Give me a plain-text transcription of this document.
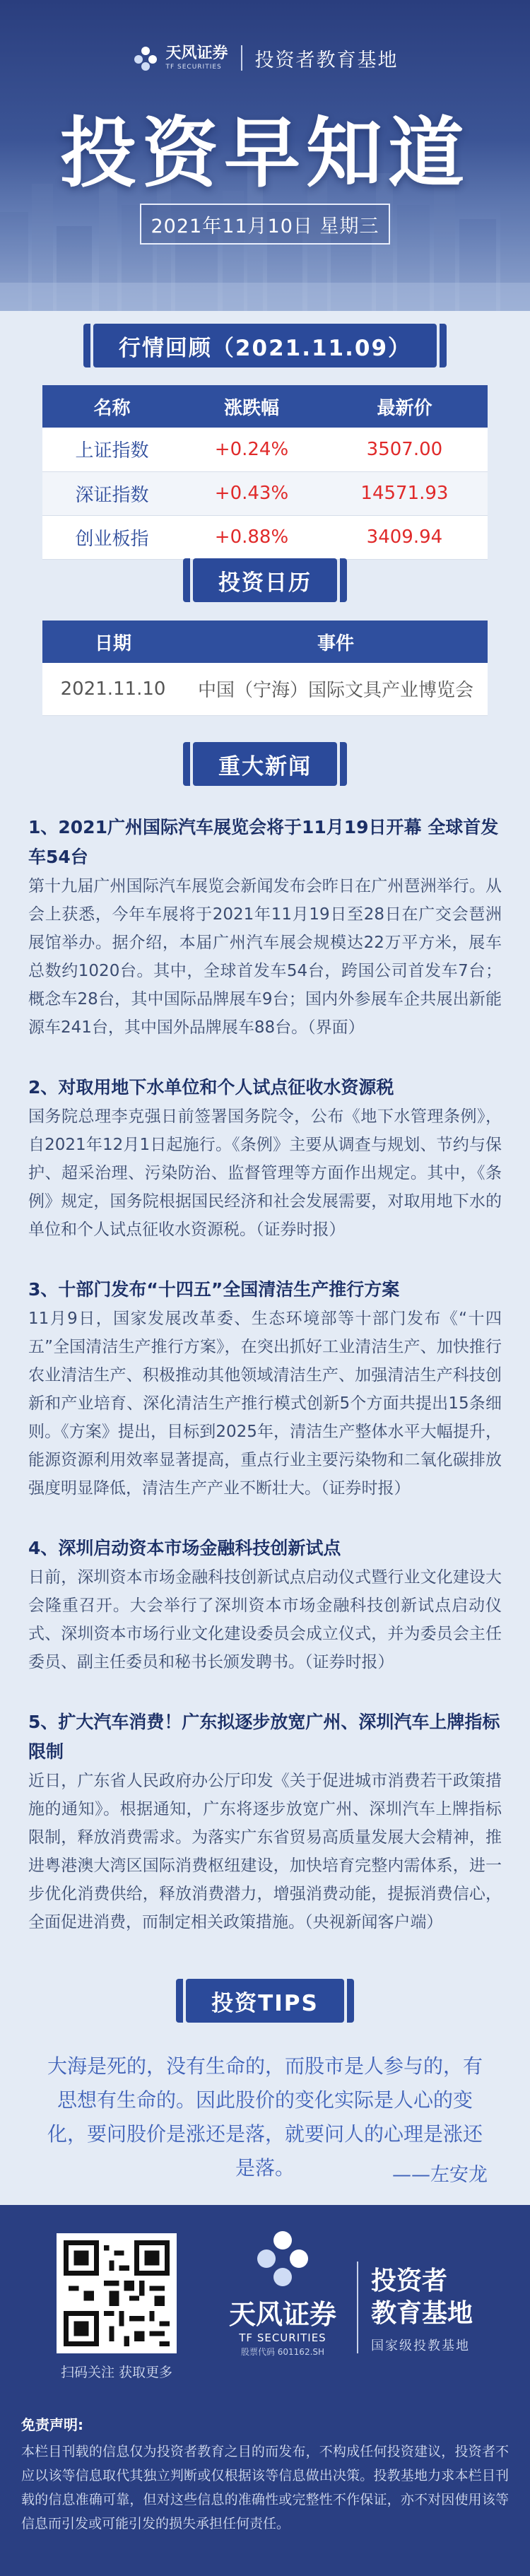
天风证券
TF SECURITIES	投资者教育基地
投资早知道
2021年11月10日 星期三
行情回顾（2021.11.09）
名称	涨跌幅	最新价
上证指数	+0.24%	3507.00
深证指数	+0.43%	14571.93
创业板指	+0.88%	3409.94
投资日历
日期	事件
2021.11.10	中国（宁海）国际文具产业博览会
重大新闻
1、2021广州国际汽车展览会将于11月19日开幕 全球首发车54台
第十九届广州国际汽车展览会新闻发布会昨日在广州琶洲举行。从会上获悉，今年车展将于2021年11月19日至28日在广交会琶洲展馆举办。据介绍，本届广州汽车展会规模达22万平方米，展车总数约1020台。其中，全球首发车54台，跨国公司首发车7台；概念车28台，其中国际品牌展车9台；国内外参展车企共展出新能源车241台，其中国外品牌展车88台。（界面）
2、对取用地下水单位和个人试点征收水资源税
国务院总理李克强日前签署国务院令，公布《地下水管理条例》，自2021年12月1日起施行。《条例》主要从调查与规划、节约与保护、超采治理、污染防治、监督管理等方面作出规定。其中，《条例》规定，国务院根据国民经济和社会发展需要，对取用地下水的单位和个人试点征收水资源税。（证券时报）
3、十部门发布“十四五”全国清洁生产推行方案
11月9日，国家发展改革委、生态环境部等十部门发布《“十四五”全国清洁生产推行方案》，在突出抓好工业清洁生产、加快推行农业清洁生产、积极推动其他领域清洁生产、加强清洁生产科技创新和产业培育、深化清洁生产推行模式创新5个方面共提出15条细则。《方案》提出，目标到2025年，清洁生产整体水平大幅提升，能源资源利用效率显著提高，重点行业主要污染物和二氧化碳排放强度明显降低，清洁生产产业不断壮大。（证券时报）
4、深圳启动资本市场金融科技创新试点
日前，深圳资本市场金融科技创新试点启动仪式暨行业文化建设大会隆重召开。大会举行了深圳资本市场金融科技创新试点启动仪式、深圳资本市场行业文化建设委员会成立仪式，并为委员会主任委员、副主任委员和秘书长颁发聘书。（证券时报）
5、扩大汽车消费！广东拟逐步放宽广州、深圳汽车上牌指标限制
近日，广东省人民政府办公厅印发《关于促进城市消费若干政策措施的通知》。根据通知，广东将逐步放宽广州、深圳汽车上牌指标限制，释放消费需求。为落实广东省贸易高质量发展大会精神，推进粤港澳大湾区国际消费枢纽建设，加快培育完整内需体系，进一步优化消费供给，释放消费潜力，增强消费动能，提振消费信心，全面促进消费，而制定相关政策措施。（央视新闻客户端）
投资TIPS
大海是死的，没有生命的，而股市是人参与的，有思想有生命的。因此股价的变化实际是人心的变化，要问股价是涨还是落，就要问人的心理是涨还是落。	——左安龙
扫码关注 获取更多
天风证券
TF SECURITIES
股票代码 601162.SH
投资者
教育基地
国家级投教基地
免责声明:
本栏目刊载的信息仅为投资者教育之目的而发布，不构成任何投资建议，投资者不应以该等信息取代其独立判断或仅根据该等信息做出决策。投教基地力求本栏目刊载的信息准确可靠，但对这些信息的准确性或完整性不作保证，亦不对因使用该等信息而引发或可能引发的损失承担任何责任。
